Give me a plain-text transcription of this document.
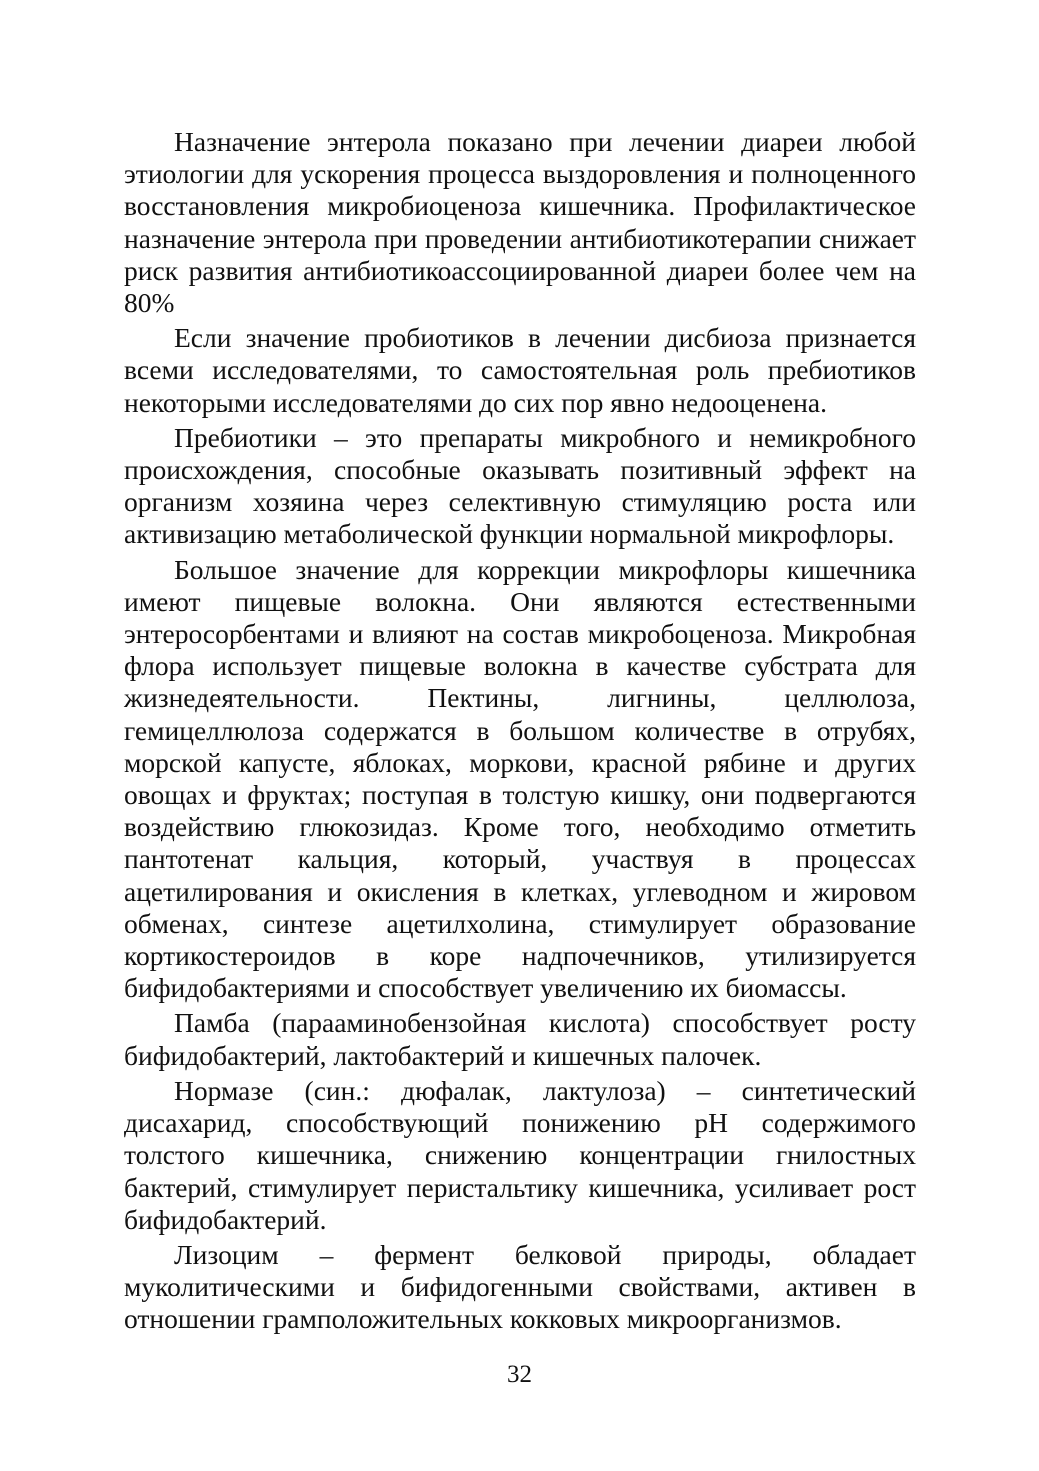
Назначение энтерола показано при лечении диареи любой этиологии для ускорения процесса выздоровления и полноценного восстановления микробиоценоза кишечника. Профилактическое назначение энтерола при проведении антибиотикотерапии снижает риск развития антибиотикоассоциированной диареи более чем на 80%

Если значение пробиотиков в лечении дисбиоза признается всеми исследователями, то самостоятельная роль пребиотиков некоторыми исследователями до сих пор явно недооценена.

Пребиотики – это препараты микробного и немикробного происхождения, способные оказывать позитивный эффект на организм хозяина через селективную стимуляцию роста или активизацию метаболической функции нормальной микрофлоры.

Большое значение для коррекции микрофлоры кишечника имеют пищевые волокна. Они являются естественными энтеросорбентами и влияют на состав микробоценоза. Микробная флора использует пищевые волокна в качестве субстрата для жизнедеятельности. Пектины, лигнины, целлюлоза, гемицеллюлоза содержатся в большом количестве в отрубях, морской капусте, яблоках, моркови, красной рябине и других овощах и фруктах; поступая в толстую кишку, они подвергаются воздействию глюкозидаз. Кроме того, необходимо отметить пантотенат кальция, который, участвуя в процессах ацетилирования и окисления в клетках, углеводном и жировом обменах, синтезе ацетилхолина, стимулирует образование кортикостероидов в коре надпочечников, утилизируется бифидобактериями и способствует увеличению их биомассы.

Памба (парааминобензойная кислота) способствует росту бифидобактерий, лактобактерий и кишечных палочек.

Нормазе (син.: дюфалак, лактулоза) – синтетический дисахарид, способствующий понижению pH содержимого толстого кишечника, снижению концентрации гнилостных бактерий, стимулирует перистальтику кишечника, усиливает рост бифидобактерий.

Лизоцим – фермент белковой природы, обладает муколитическими и бифидогенными свойствами, активен в отношении грамположительных кокковых микроорганизмов.

32
